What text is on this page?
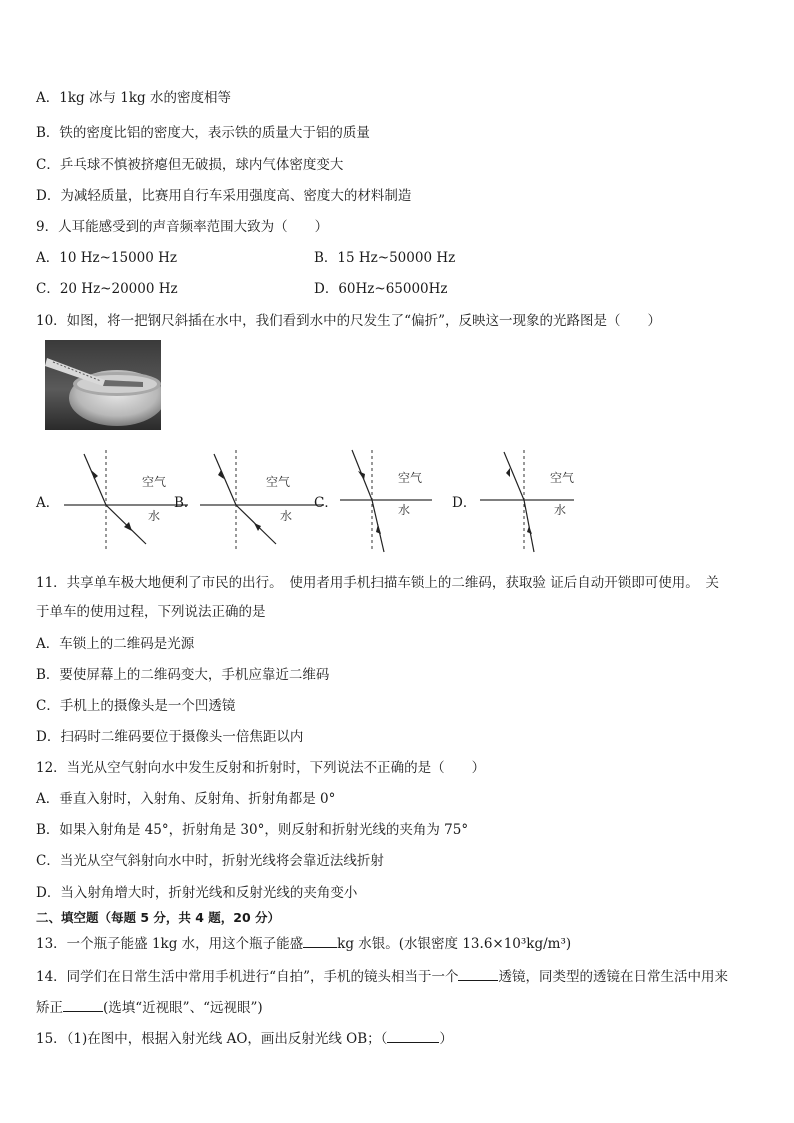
A．1kg 冰与 1kg 水的密度相等
B．铁的密度比铝的密度大，表示铁的质量大于铝的质量
C．乒乓球不慎被挤瘪但无破损，球内气体密度变大
D．为减轻质量，比赛用自行车采用强度高、密度大的材料制造
9．人耳能感受到的声音频率范围大致为（　　）
A．10 Hz~15000 Hz	B．15 Hz~50000 Hz
C．20 Hz~20000 Hz	D．60Hz~65000Hz
10．如图，将一把钢尺斜插在水中，我们看到水中的尺发生了“偏折”，反映这一现象的光路图是（　　）
A．
空气
水
B．
空气
水
C．
空气
水	D．
空气
水
11．共享单车极大地便利了市民的出行。　使用者用手机扫描车锁上的二维码，获取验 证后自动开锁即可使用。　关
于单车的使用过程，下列说法正确的是
A．车锁上的二维码是光源
B．要使屏幕上的二维码变大，手机应靠近二维码
C．手机上的摄像头是一个凹透镜
D．扫码时二维码要位于摄像头一倍焦距以内
12．当光从空气射向水中发生反射和折射时，下列说法不正确的是（　　）
A．垂直入射时，入射角、反射角、折射角都是 0°
B．如果入射角是 45°，折射角是 30°，则反射和折射光线的夹角为 75°
C．当光从空气斜射向水中时，折射光线将会靠近法线折射
D．当入射角增大时，折射光线和反射光线的夹角变小
二、填空题（每题 5 分，共 4 题，20 分）
13．一个瓶子能盛 1kg 水，用这个瓶子能盛	kg 水银。(水银密度 13.6×10³kg/m³)
14．同学们在日常生活中常用手机进行“自拍”，手机的镜头相当于一个	透镜，同类型的透镜在日常生活中用来
矫正	(选填“近视眼”、“远视眼”)
15．（1)在图中，根据入射光线 AO，画出反射光线 OB；（	）
